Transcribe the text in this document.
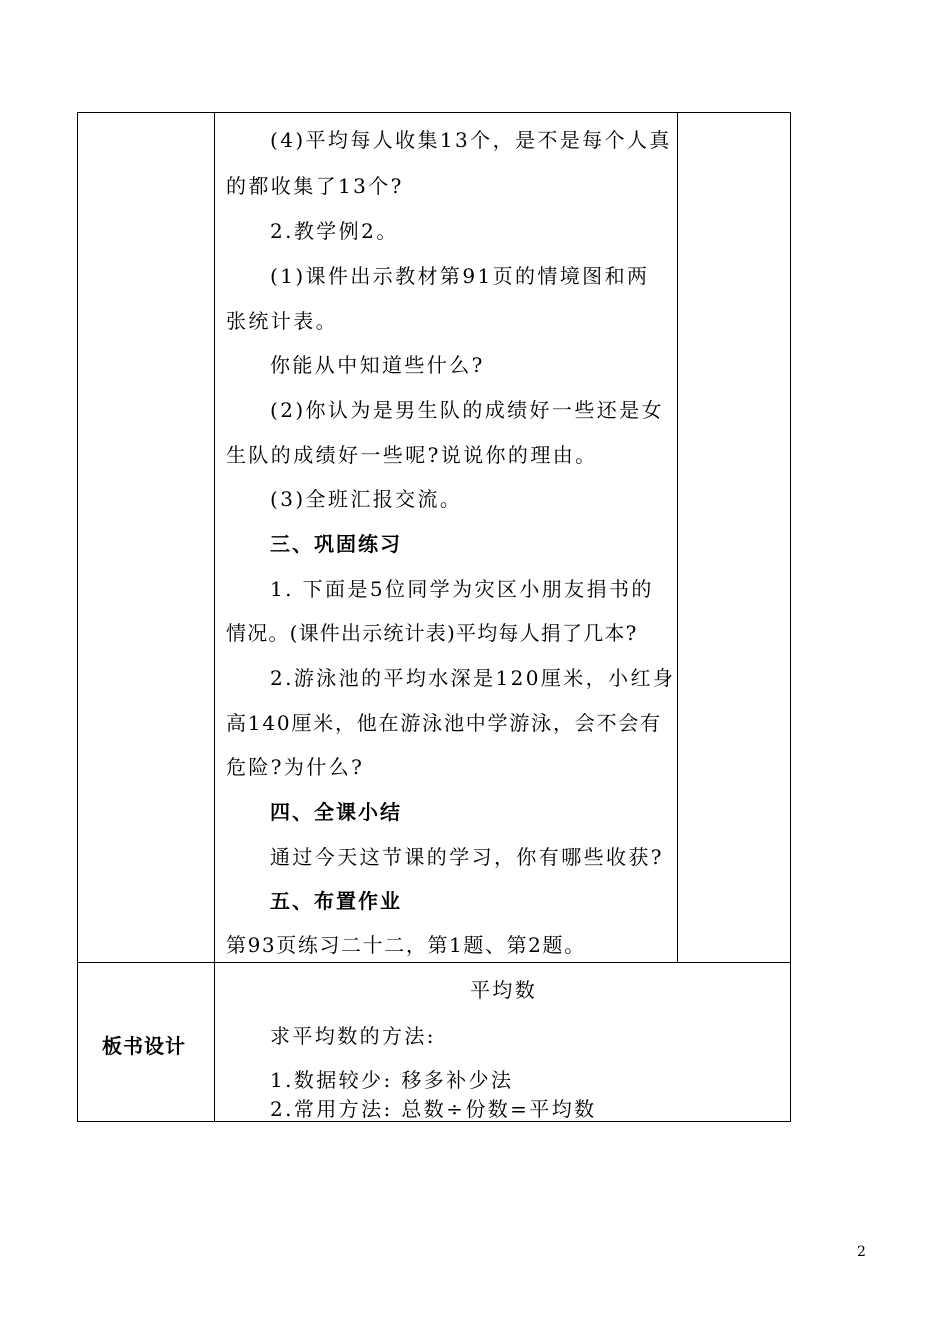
(4)平均每人收集13个，是不是每个人真
的都收集了13个?
2.教学例2。
(1)课件出示教材第91页的情境图和两
张统计表。
你能从中知道些什么?
(2)你认为是男生队的成绩好一些还是女
生队的成绩好一些呢?说说你的理由。
(3)全班汇报交流。
三、巩固练习
1. 下面是5位同学为灾区小朋友捐书的
情况。(课件出示统计表)平均每人捐了几本?
2.游泳池的平均水深是120厘米，小红身
高140厘米，他在游泳池中学游泳，会不会有
危险?为什么?
四、全课小结
通过今天这节课的学习，你有哪些收获?
五、布置作业
第93页练习二十二，第1题、第2题。
板书设计
平均数
求平均数的方法:
1.数据较少: 移多补少法
2.常用方法: 总数÷份数=平均数
2
